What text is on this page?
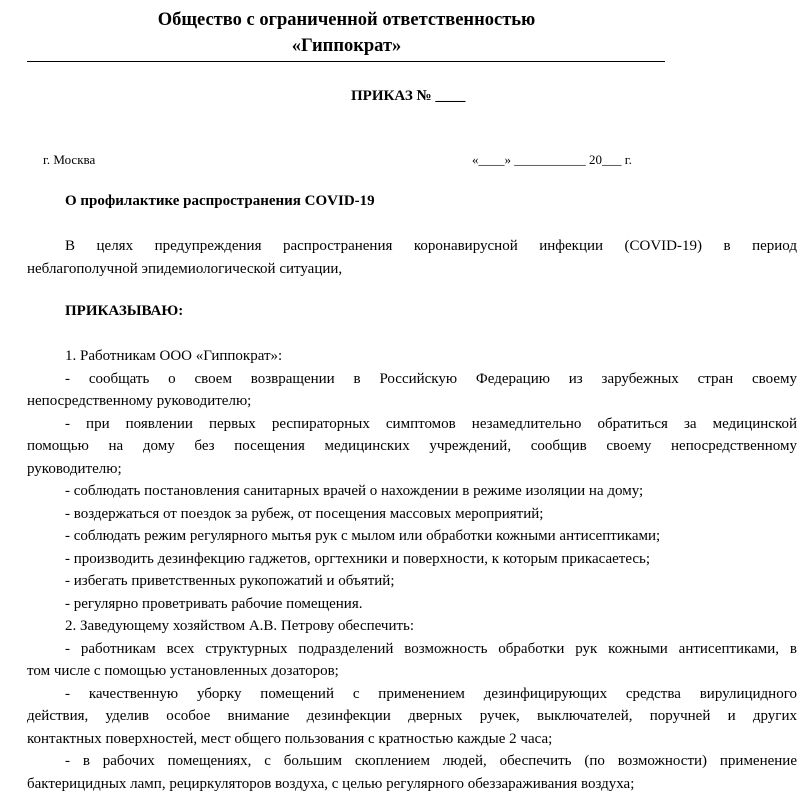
Общество с ограниченной ответственностью
«Гиппократ»
ПРИКАЗ № ____
г. Москва	«____» ___________ 20___ г.
О профилактике распространения COVID-19
В целях предупреждения распространения коронавирусной инфекции (COVID-19) в период
неблагополучной эпидемиологической ситуации,
ПРИКАЗЫВАЮ:
1. Работникам ООО «Гиппократ»:
- сообщать о своем возвращении в Российскую Федерацию из зарубежных стран своему
непосредственному руководителю;
- при появлении первых респираторных симптомов незамедлительно обратиться за медицинской
помощью на дому без посещения медицинских учреждений, сообщив своему непосредственному
руководителю;
- соблюдать постановления санитарных врачей о нахождении в режиме изоляции на дому;
- воздержаться от поездок за рубеж, от посещения массовых мероприятий;
- соблюдать режим регулярного мытья рук с мылом или обработки кожными антисептиками;
- производить дезинфекцию гаджетов, оргтехники и поверхности, к которым прикасаетесь;
- избегать приветственных рукопожатий и объятий;
- регулярно проветривать рабочие помещения.
2. Заведующему хозяйством А.В. Петрову обеспечить:
- работникам всех структурных подразделений возможность обработки рук кожными антисептиками, в
том числе с помощью установленных дозаторов;
- качественную уборку помещений с применением дезинфицирующих средства вирулицидного
действия, уделив особое внимание дезинфекции дверных ручек, выключателей, поручней и других
контактных поверхностей, мест общего пользования с кратностью каждые 2 часа;
- в рабочих помещениях, с большим скоплением людей, обеспечить (по возможности) применение
бактерицидных ламп, рециркуляторов воздуха, с целью регулярного обеззараживания воздуха;
